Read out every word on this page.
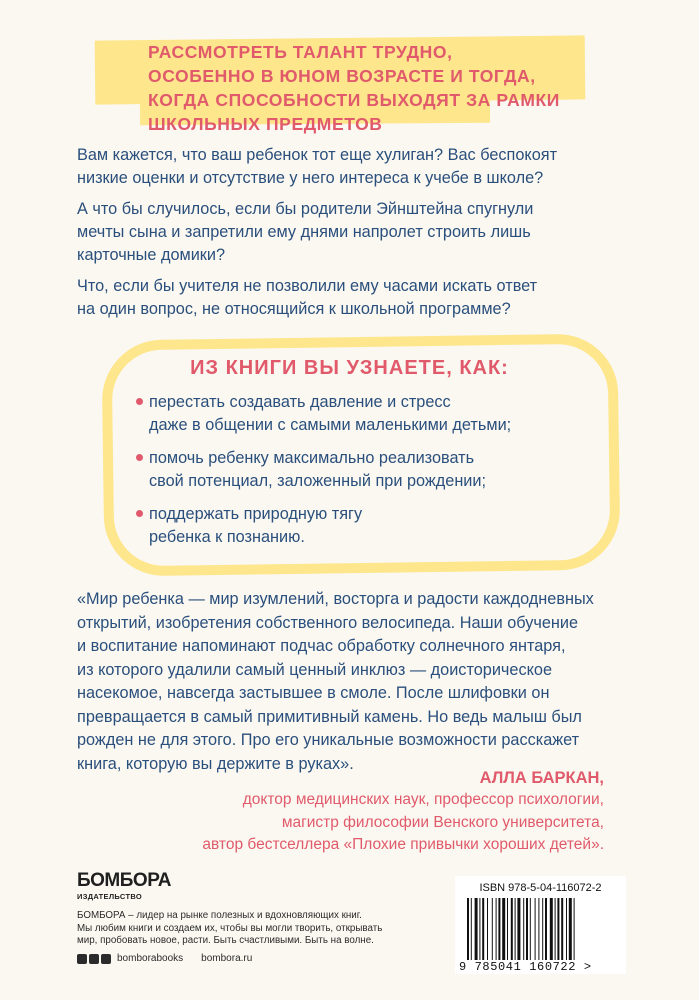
РАССМОТРЕТЬ ТАЛАНТ ТРУДНО,
ОСОБЕННО В ЮНОМ ВОЗРАСТЕ И ТОГДА,
КОГДА СПОСОБНОСТИ ВЫХОДЯТ ЗА РАМКИ
ШКОЛЬНЫХ ПРЕДМЕТОВ
Вам кажется, что ваш ребенок тот еще хулиган? Вас беспокоят
низкие оценки и отсутствие у него интереса к учебе в школе?
А что бы случилось, если бы родители Эйнштейна спугнули
мечты сына и запретили ему днями напролет строить лишь
карточные домики?
Что, если бы учителя не позволили ему часами искать ответ
на один вопрос, не относящийся к школьной программе?
ИЗ КНИГИ ВЫ УЗНАЕТЕ, КАК:
перестать создавать давление и стресс
даже в общении с самыми маленькими детьми;
помочь ребенку максимально реализовать
свой потенциал, заложенный при рождении;
поддержать природную тягу
ребенка к познанию.
«Мир ребенка — мир изумлений, восторга и радости каждодневных
открытий, изобретения собственного велосипеда. Наши обучение
и воспитание напоминают подчас обработку солнечного янтаря,
из которого удалили самый ценный инклюз — доисторическое
насекомое, навсегда застывшее в смоле. После шлифовки он
превращается в самый примитивный камень. Но ведь малыш был
рожден не для этого. Про его уникальные возможности расскажет
книга, которую вы держите в руках».
АЛЛА БАРКАН,
доктор медицинских наук, профессор психологии,
магистр философии Венского университета,
автор бестселлера «Плохие привычки хороших детей».
БОМБОРА
ИЗДАТЕЛЬСТВО
БОМБОРА – лидер на рынке полезных и вдохновляющих книг.
Мы любим книги и создаем их, чтобы вы могли творить, открывать
мир, пробовать новое, расти. Быть счастливыми. Быть на волне.
bomborabooks bombora.ru
ISBN 978-5-04-116072-2
9 785041 160722 >
